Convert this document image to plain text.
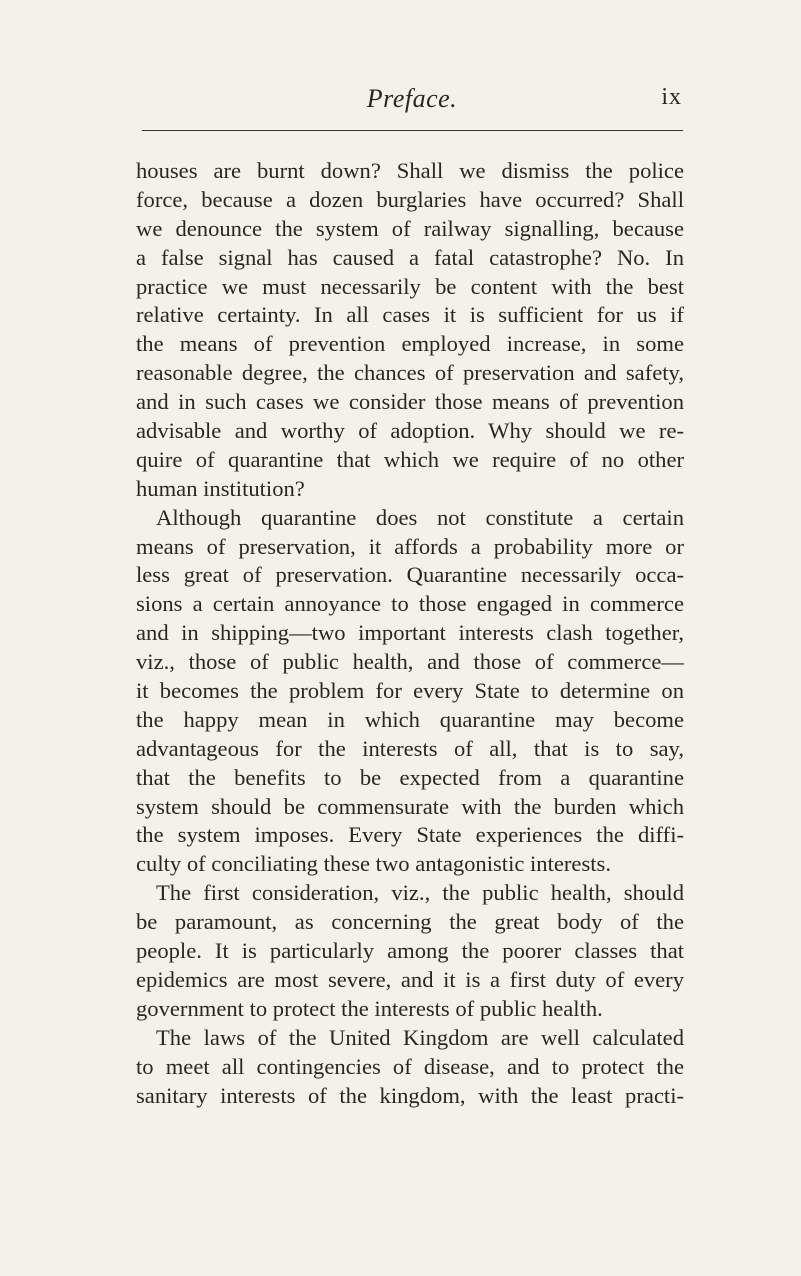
Preface.	ix
houses are burnt down? Shall we dismiss the police
force, because a dozen burglaries have occurred? Shall
we denounce the system of railway signalling, because
a false signal has caused a fatal catastrophe? No. In
practice we must necessarily be content with the best
relative certainty. In all cases it is sufficient for us if
the means of prevention employed increase, in some
reasonable degree, the chances of preservation and safety,
and in such cases we consider those means of prevention
advisable and worthy of adoption. Why should we re-
quire of quarantine that which we require of no other
human institution?
Although quarantine does not constitute a certain
means of preservation, it affords a probability more or
less great of preservation. Quarantine necessarily occa-
sions a certain annoyance to those engaged in commerce
and in shipping—two important interests clash together,
viz., those of public health, and those of commerce—
it becomes the problem for every State to determine on
the happy mean in which quarantine may become
advantageous for the interests of all, that is to say,
that the benefits to be expected from a quarantine
system should be commensurate with the burden which
the system imposes. Every State experiences the diffi-
culty of conciliating these two antagonistic interests.
The first consideration, viz., the public health, should
be paramount, as concerning the great body of the
people. It is particularly among the poorer classes that
epidemics are most severe, and it is a first duty of every
government to protect the interests of public health.
The laws of the United Kingdom are well calculated
to meet all contingencies of disease, and to protect the
sanitary interests of the kingdom, with the least practi-
